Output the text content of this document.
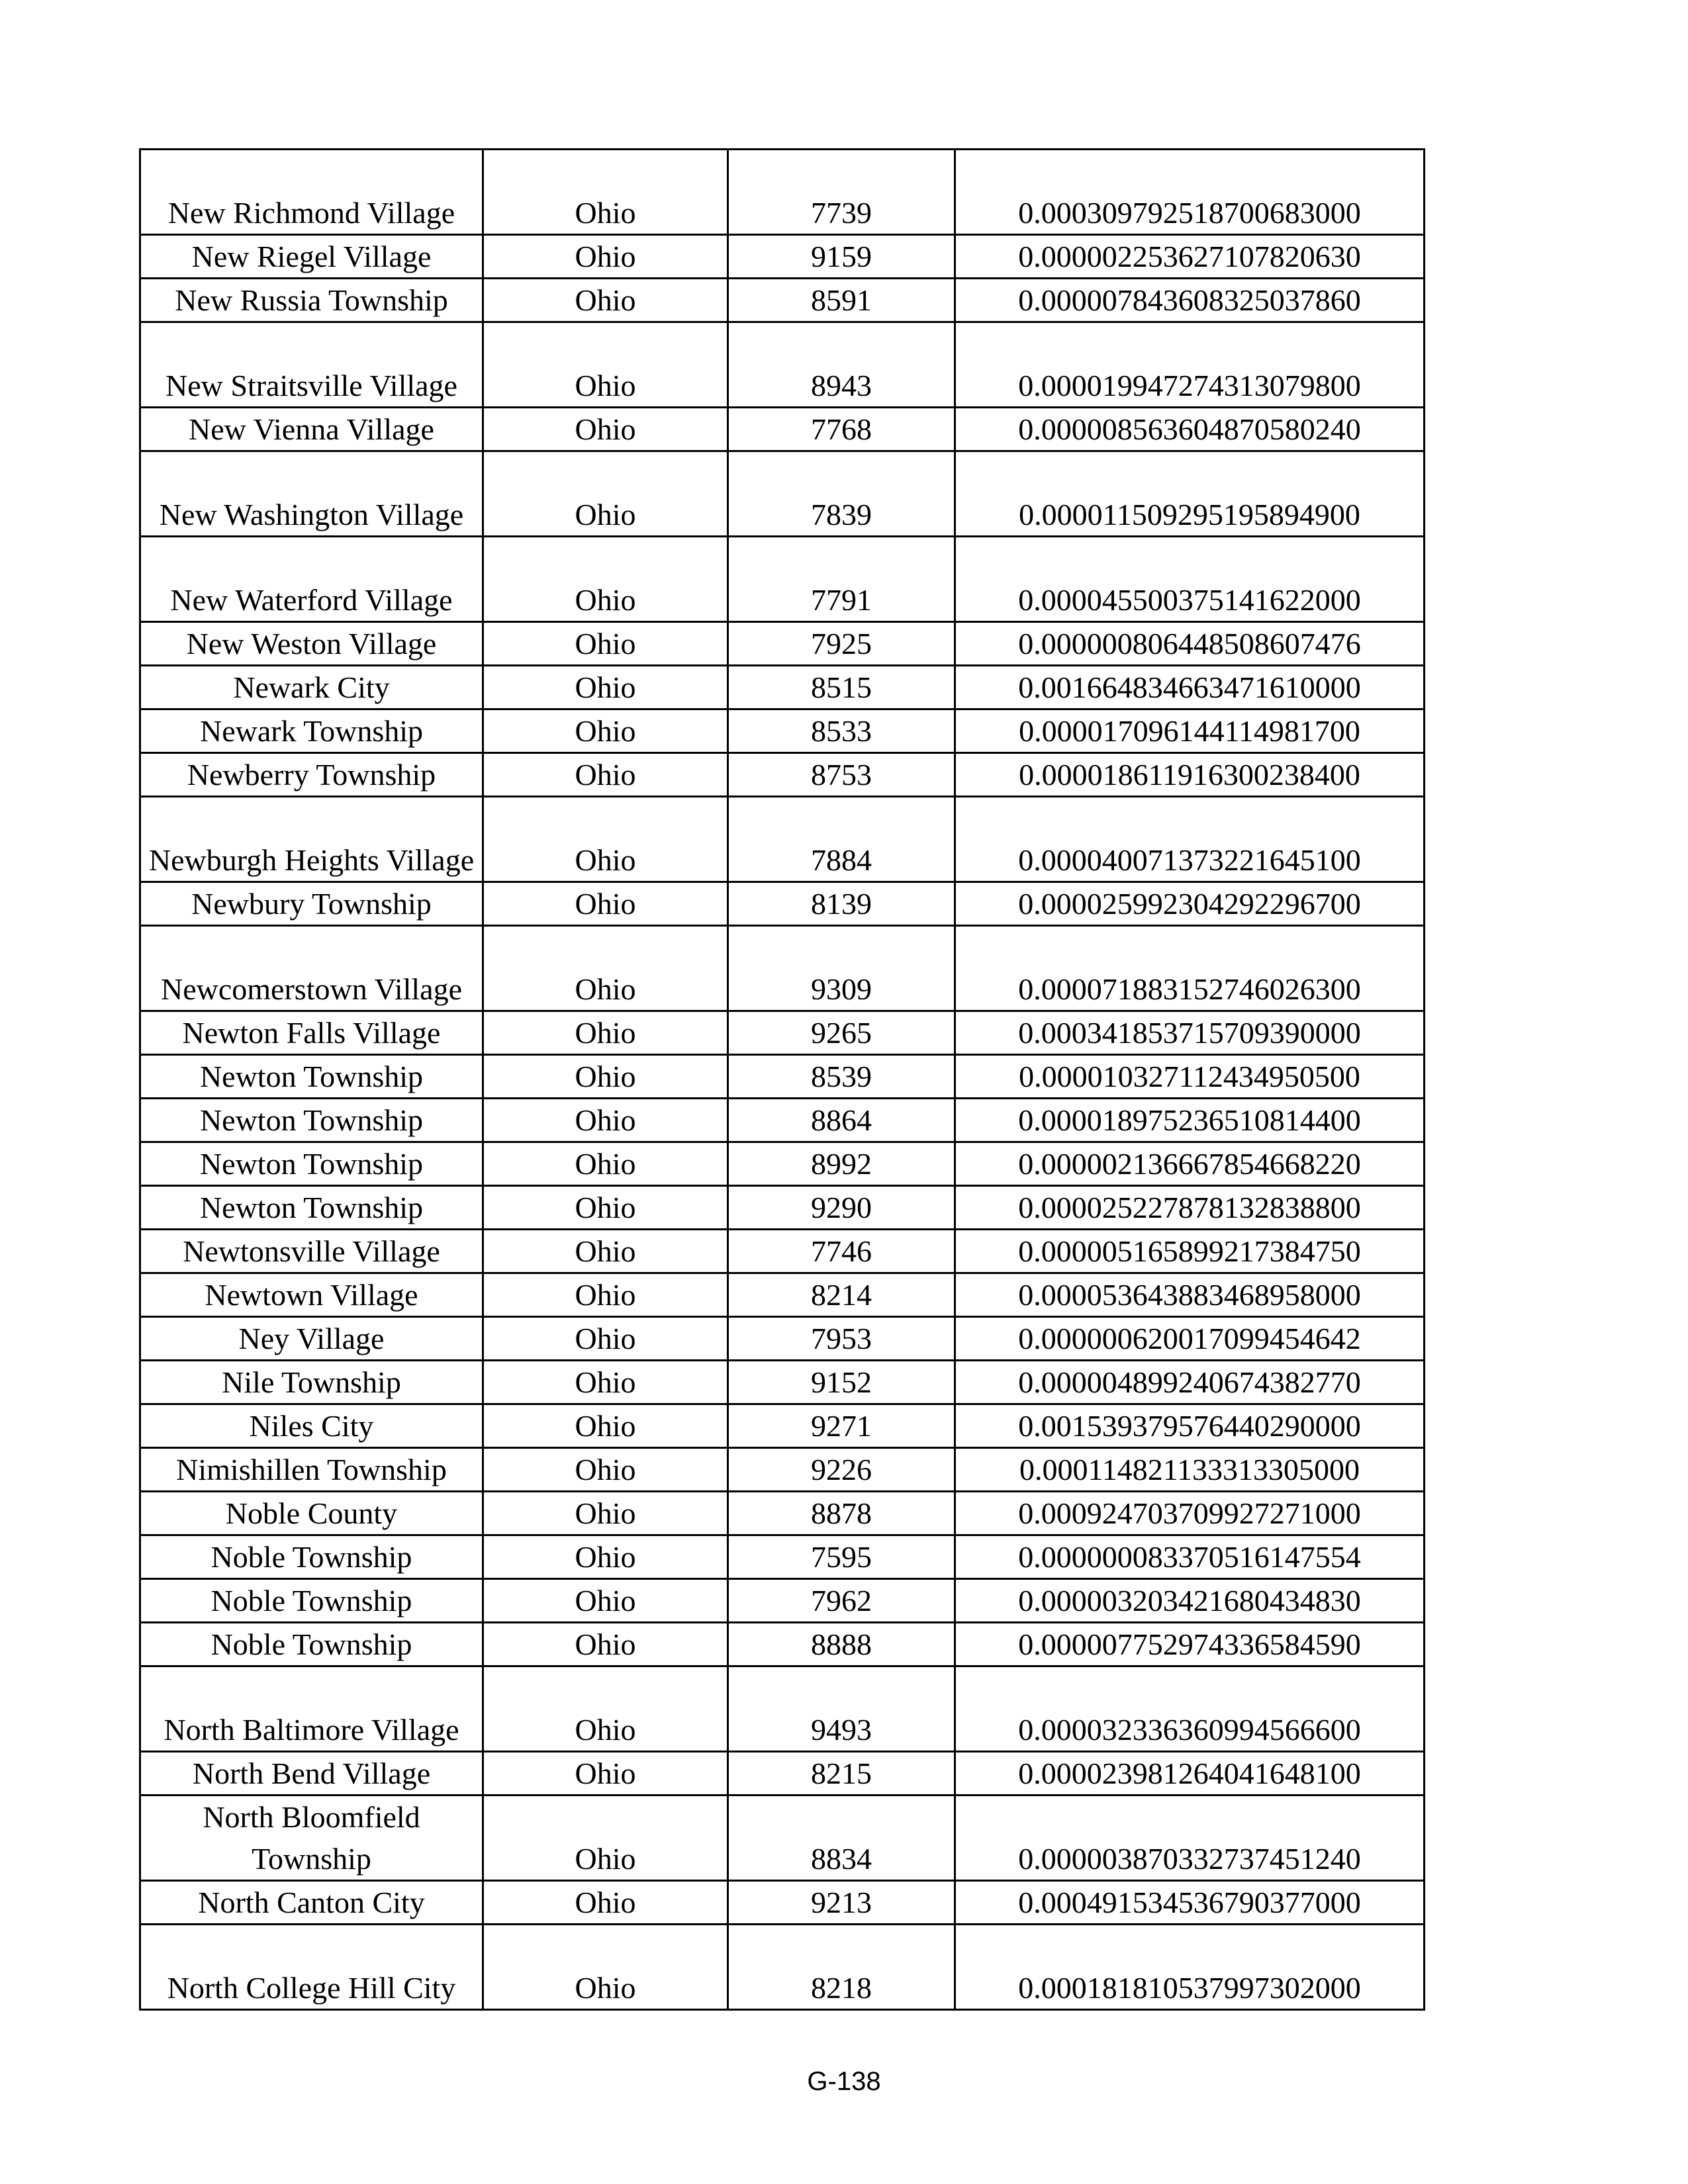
New Richmond Village	Ohio	7739	0.000309792518700683000
New Riegel Village	Ohio	9159	0.000002253627107820630
New Russia Township	Ohio	8591	0.000007843608325037860
New Straitsville Village	Ohio	8943	0.000019947274313079800
New Vienna Village	Ohio	7768	0.000008563604870580240
New Washington Village	Ohio	7839	0.000011509295195894900
New Waterford Village	Ohio	7791	0.000045500375141622000
New Weston Village	Ohio	7925	0.000000806448508607476
Newark City	Ohio	8515	0.001664834663471610000
Newark Township	Ohio	8533	0.000017096144114981700
Newberry Township	Ohio	8753	0.000018611916300238400
Newburgh Heights Village	Ohio	7884	0.000040071373221645100
Newbury Township	Ohio	8139	0.000025992304292296700
Newcomerstown Village	Ohio	9309	0.000071883152746026300
Newton Falls Village	Ohio	9265	0.000341853715709390000
Newton Township	Ohio	8539	0.000010327112434950500
Newton Township	Ohio	8864	0.000018975236510814400
Newton Township	Ohio	8992	0.000002136667854668220
Newton Township	Ohio	9290	0.000025227878132838800
Newtonsville Village	Ohio	7746	0.000005165899217384750
Newtown Village	Ohio	8214	0.000053643883468958000
Ney Village	Ohio	7953	0.000000620017099454642
Nile Township	Ohio	9152	0.000004899240674382770
Niles City	Ohio	9271	0.001539379576440290000
Nimishillen Township	Ohio	9226	0.000114821133313305000
Noble County	Ohio	8878	0.000924703709927271000
Noble Township	Ohio	7595	0.000000083370516147554
Noble Township	Ohio	7962	0.000003203421680434830
Noble Township	Ohio	8888	0.000007752974336584590
North Baltimore Village	Ohio	9493	0.000032336360994566600
North Bend Village	Ohio	8215	0.000023981264041648100
North Bloomfield Township	Ohio	8834	0.000003870332737451240
North Canton City	Ohio	9213	0.000491534536790377000
North College Hill City	Ohio	8218	0.000181810537997302000
G-138
